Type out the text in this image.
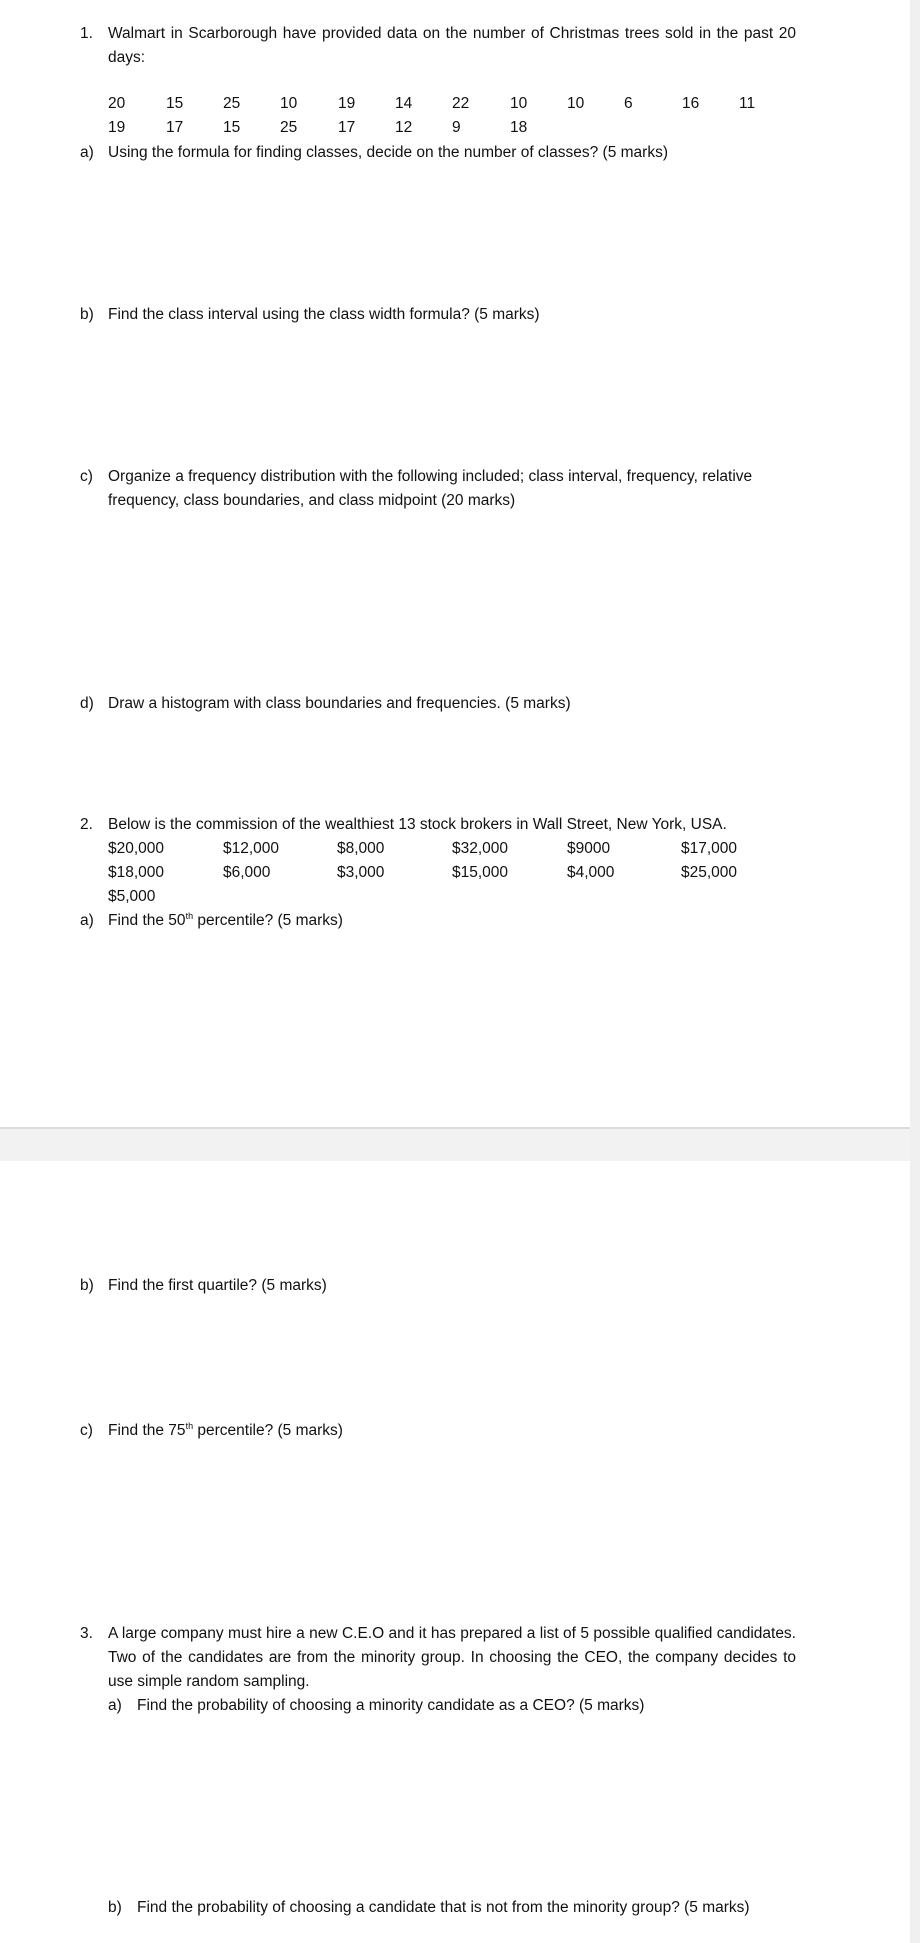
1. Walmart in Scarborough have provided data on the number of Christmas trees sold in the past 20 days:
20	15	25	10	19	14	22	10	10	6	16	11
19	17	15	25	17	12	9	18
a) Using the formula for finding classes, decide on the number of classes? (5 marks)
b) Find the class interval using the class width formula? (5 marks)
c) Organize a frequency distribution with the following included; class interval, frequency, relative frequency, class boundaries, and class midpoint (20 marks)
d) Draw a histogram with class boundaries and frequencies. (5 marks)
2. Below is the commission of the wealthiest 13 stock brokers in Wall Street, New York, USA.
$20,000	$12,000	$8,000	$32,000	$9000	$17,000
$18,000	$6,000	$3,000	$15,000	$4,000	$25,000
$5,000
a) Find the 50th percentile? (5 marks)
b) Find the first quartile? (5 marks)
c) Find the 75th percentile? (5 marks)
3. A large company must hire a new C.E.O and it has prepared a list of 5 possible qualified candidates. Two of the candidates are from the minority group. In choosing the CEO, the company decides to use simple random sampling.
a) Find the probability of choosing a minority candidate as a CEO? (5 marks)
b) Find the probability of choosing a candidate that is not from the minority group? (5 marks)
